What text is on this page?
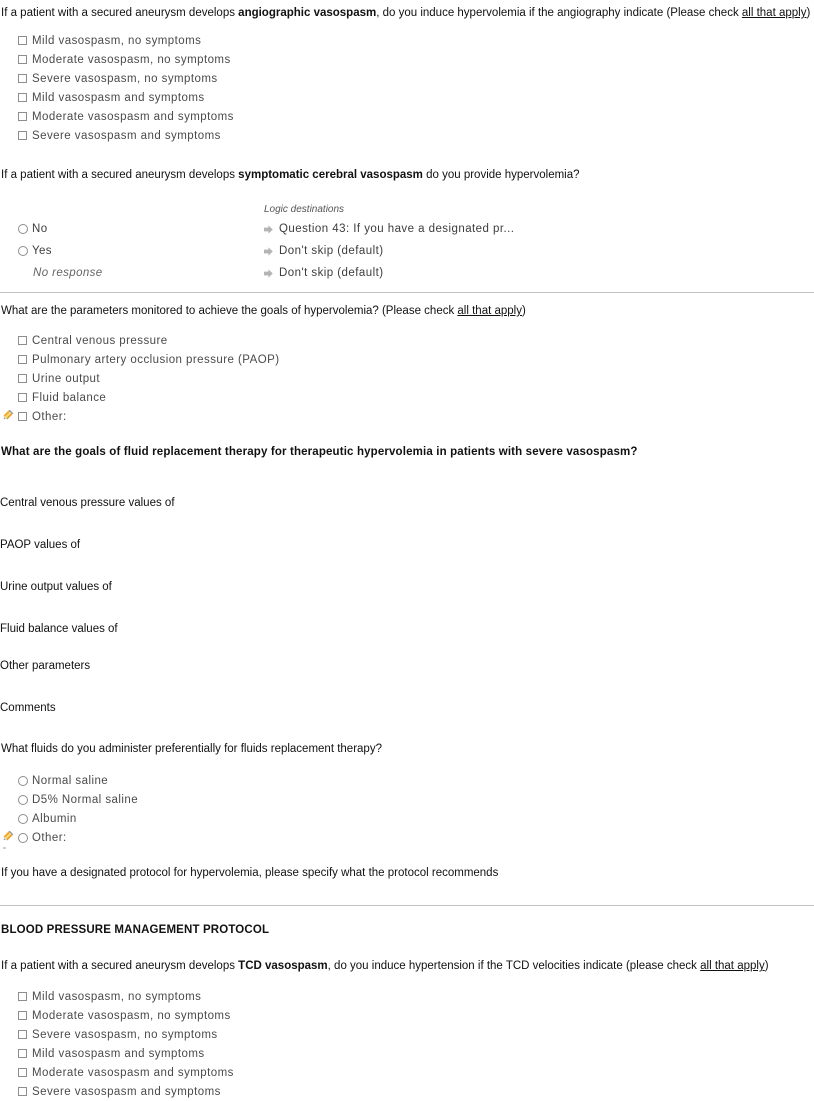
If a patient with a secured aneurysm develops angiographic vasospasm, do you induce hypervolemia if the angiography indicate (Please check all that apply)
Mild vasospasm, no symptoms
Moderate vasospasm, no symptoms
Severe vasospasm, no symptoms
Mild vasospasm and symptoms
Moderate vasospasm and symptoms
Severe vasospasm and symptoms
If a patient with a secured aneurysm develops symptomatic cerebral vasospasm do you provide hypervolemia?
Logic destinations
No	Question 43: If you have a designated pr...
Yes	Don't skip (default)
No response	Don't skip (default)
What are the parameters monitored to achieve the goals of hypervolemia? (Please check all that apply)
Central venous pressure
Pulmonary artery occlusion pressure (PAOP)
Urine output
Fluid balance
Other:
What are the goals of fluid replacement therapy for therapeutic hypervolemia in patients with severe vasospasm?
Central venous pressure values of
PAOP values of
Urine output values of
Fluid balance values of
Other parameters
Comments
What fluids do you administer preferentially for fluids replacement therapy?
Normal saline
D5% Normal saline
Albumin
Other:
If you have a designated protocol for hypervolemia, please specify what the protocol recommends
BLOOD PRESSURE MANAGEMENT PROTOCOL
If a patient with a secured aneurysm develops TCD vasospasm, do you induce hypertension if the TCD velocities indicate (please check all that apply)
Mild vasospasm, no symptoms
Moderate vasospasm, no symptoms
Severe vasospasm, no symptoms
Mild vasospasm and symptoms
Moderate vasospasm and symptoms
Severe vasospasm and symptoms
